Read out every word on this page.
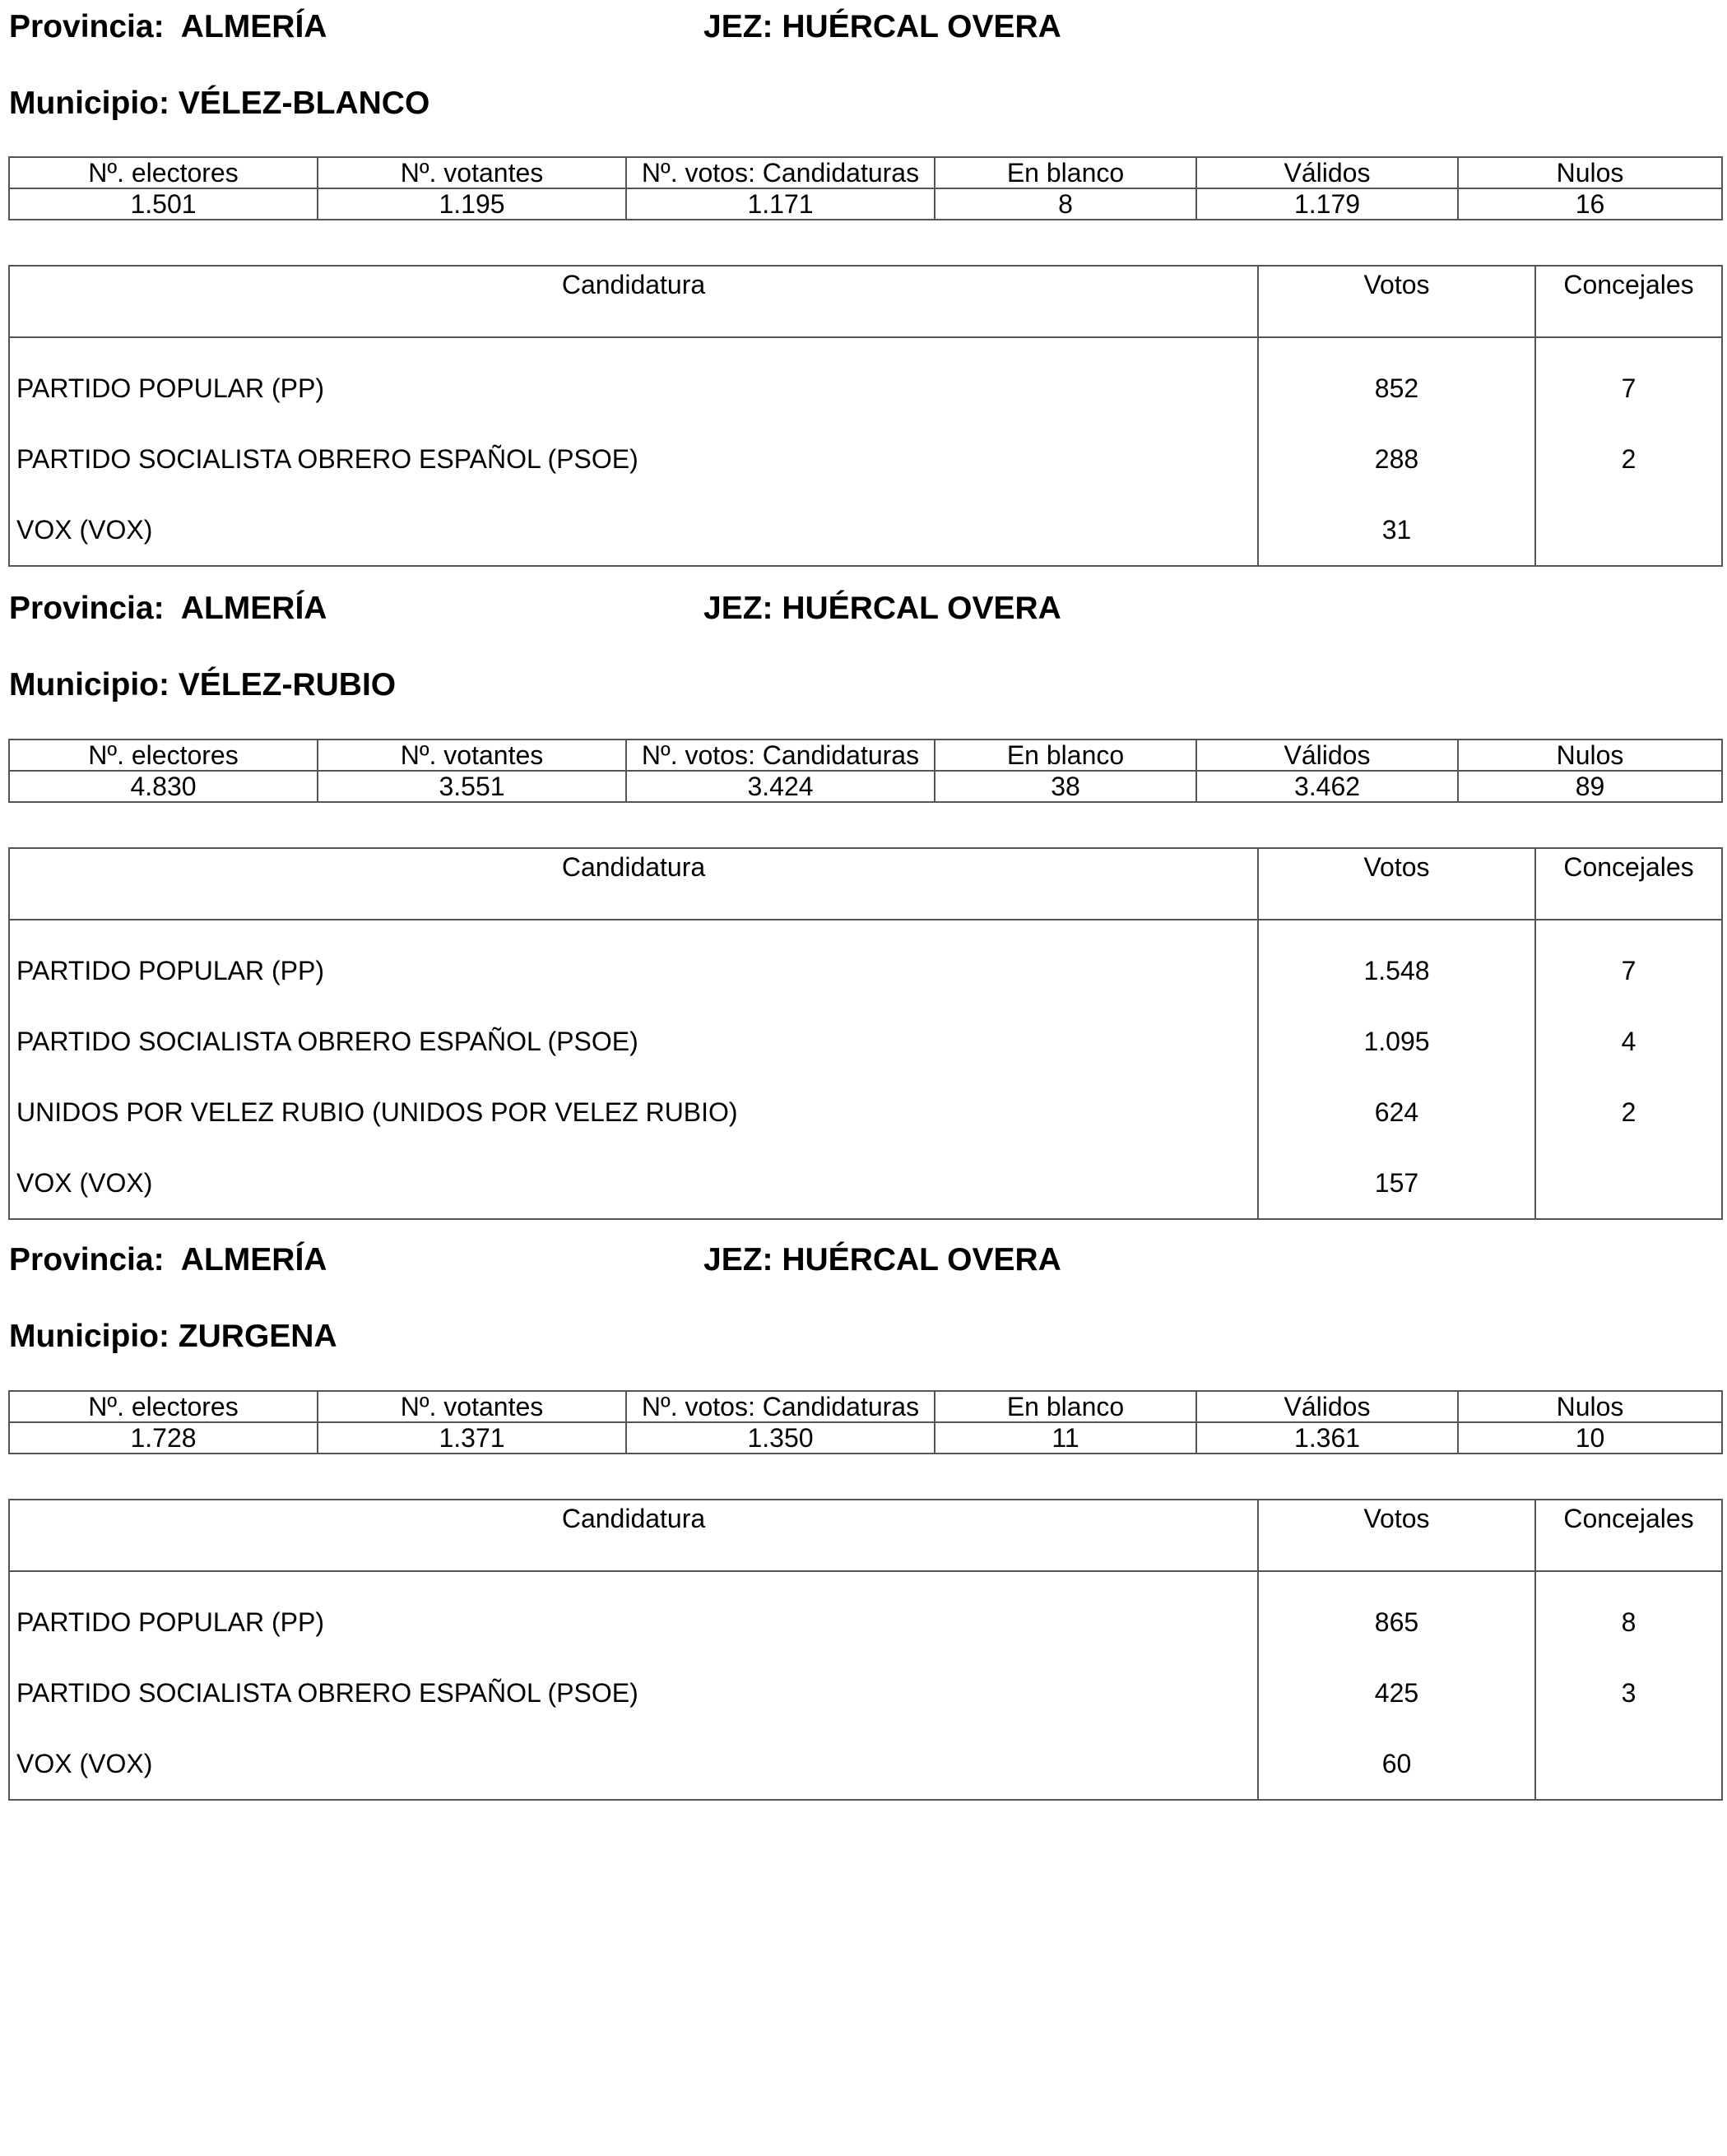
Provincia:  ALMERÍA	JEZ: HUÉRCAL OVERA
Municipio: VÉLEZ-BLANCO
Nº. electores	Nº. votantes	Nº. votos: Candidaturas	En blanco	Válidos	Nulos
1.501	1.195	1.171	8	1.179	16
Candidatura	Votos	Concejales
PARTIDO POPULAR (PP)	852	7
PARTIDO SOCIALISTA OBRERO ESPAÑOL (PSOE)	288	2
VOX (VOX)	31	
Provincia:  ALMERÍA	JEZ: HUÉRCAL OVERA
Municipio: VÉLEZ-RUBIO
Nº. electores	Nº. votantes	Nº. votos: Candidaturas	En blanco	Válidos	Nulos
4.830	3.551	3.424	38	3.462	89
Candidatura	Votos	Concejales
PARTIDO POPULAR (PP)	1.548	7
PARTIDO SOCIALISTA OBRERO ESPAÑOL (PSOE)	1.095	4
UNIDOS POR VELEZ RUBIO (UNIDOS POR VELEZ RUBIO)	624	2
VOX (VOX)	157	
Provincia:  ALMERÍA	JEZ: HUÉRCAL OVERA
Municipio: ZURGENA
Nº. electores	Nº. votantes	Nº. votos: Candidaturas	En blanco	Válidos	Nulos
1.728	1.371	1.350	11	1.361	10
Candidatura	Votos	Concejales
PARTIDO POPULAR (PP)	865	8
PARTIDO SOCIALISTA OBRERO ESPAÑOL (PSOE)	425	3
VOX (VOX)	60	
